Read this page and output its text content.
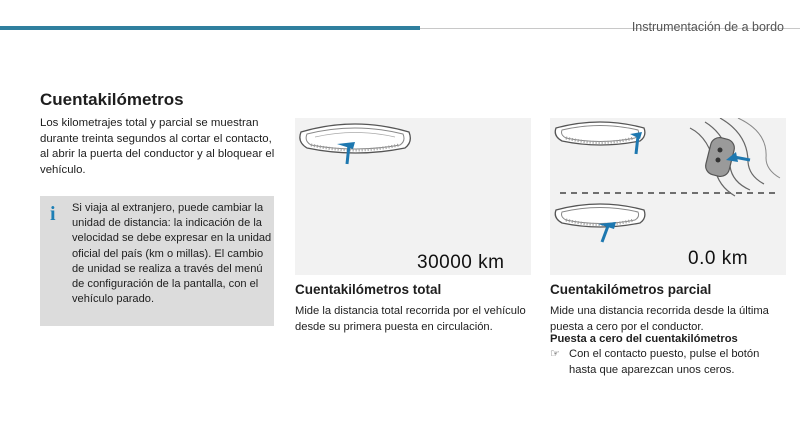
Instrumentación de a bordo
Cuentakilómetros
Los kilometrajes total y parcial se muestran durante treinta segundos al cortar el contacto, al abrir la puerta del conductor y al bloquear el vehículo.
i	Si viaja al extranjero, puede cambiar la unidad de distancia: la indicación de la velocidad se debe expresar en la unidad oficial del país (km o millas). El cambio de unidad se realiza a través del menú de configuración de la pantalla, con el vehículo parado.
30000 km	0.0 km
Cuentakilómetros total
Mide la distancia total recorrida por el vehículo desde su primera puesta en circulación.
Cuentakilómetros parcial
Mide una distancia recorrida desde la última puesta a cero por el conductor.
Puesta a cero del cuentakilómetros
☞ Con el contacto puesto, pulse el botón hasta que aparezcan unos ceros.
